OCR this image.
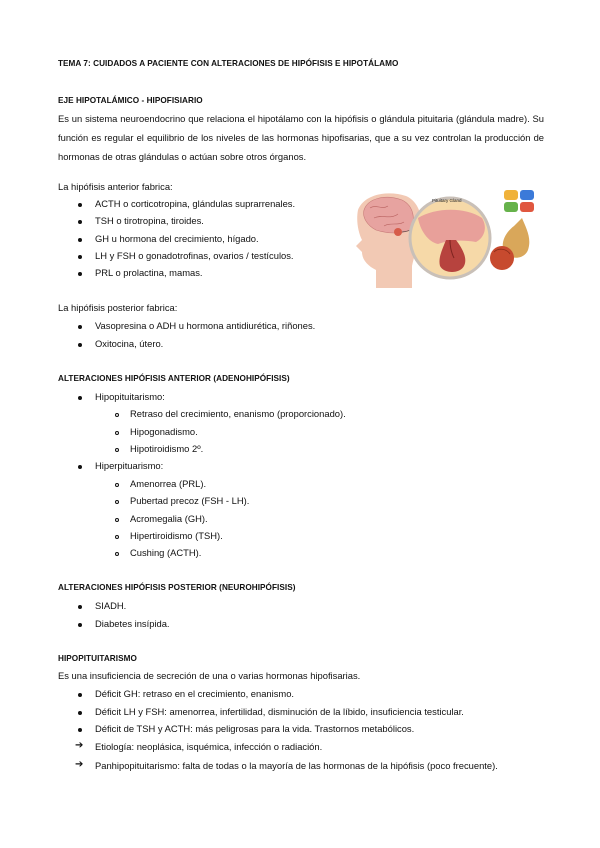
TEMA 7: CUIDADOS A PACIENTE CON ALTERACIONES DE HIPÓFISIS E HIPOTÁLAMO
EJE HIPOTALÁMICO - HIPOFISIARIO
Es un sistema neuroendocrino que relaciona el hipotálamo con la hipófisis o glándula pituitaria (glándula madre). Su función es regular el equilibrio de los niveles de las hormonas hipofisarias, que a su vez controlan la producción de hormonas de otras glándulas o actúan sobre otros órganos.
La hipófisis anterior fabrica:
ACTH o corticotropina, glándulas suprarrenales.
TSH o tirotropina, tiroides.
GH u hormona del crecimiento, hígado.
LH y FSH o gonadotrofinas, ovarios / testículos.
PRL o prolactina, mamas.
Pituitary Gland
La hipófisis posterior fabrica:
Vasopresina o ADH u hormona antidiurética, riñones.
Oxitocina, útero.
ALTERACIONES HIPÓFISIS ANTERIOR (ADENOHIPÓFISIS)
Hipopituitarismo:
Retraso del crecimiento, enanismo (proporcionado).
Hipogonadismo.
Hipotiroidismo 2º.
Hiperpituarismo:
Amenorrea (PRL).
Pubertad precoz (FSH - LH).
Acromegalia (GH).
Hipertiroidismo (TSH).
Cushing (ACTH).
ALTERACIONES HIPÓFISIS POSTERIOR (NEUROHIPÓFISIS)
SIADH.
Diabetes insípida.
HIPOPITUITARISMO
Es una insuficiencia de secreción de una o varias hormonas hipofisarias.
Déficit GH: retraso en el crecimiento, enanismo.
Déficit LH y FSH: amenorrea, infertilidad, disminución de la líbido, insuficiencia testicular.
Déficit de TSH y ACTH: más peligrosas para la vida. Trastornos metabólicos.
➔ Etiología: neoplásica, isquémica, infección o radiación.
➔ Panhipopituitarismo: falta de todas o la mayoría de las hormonas de la hipófisis (poco frecuente).
